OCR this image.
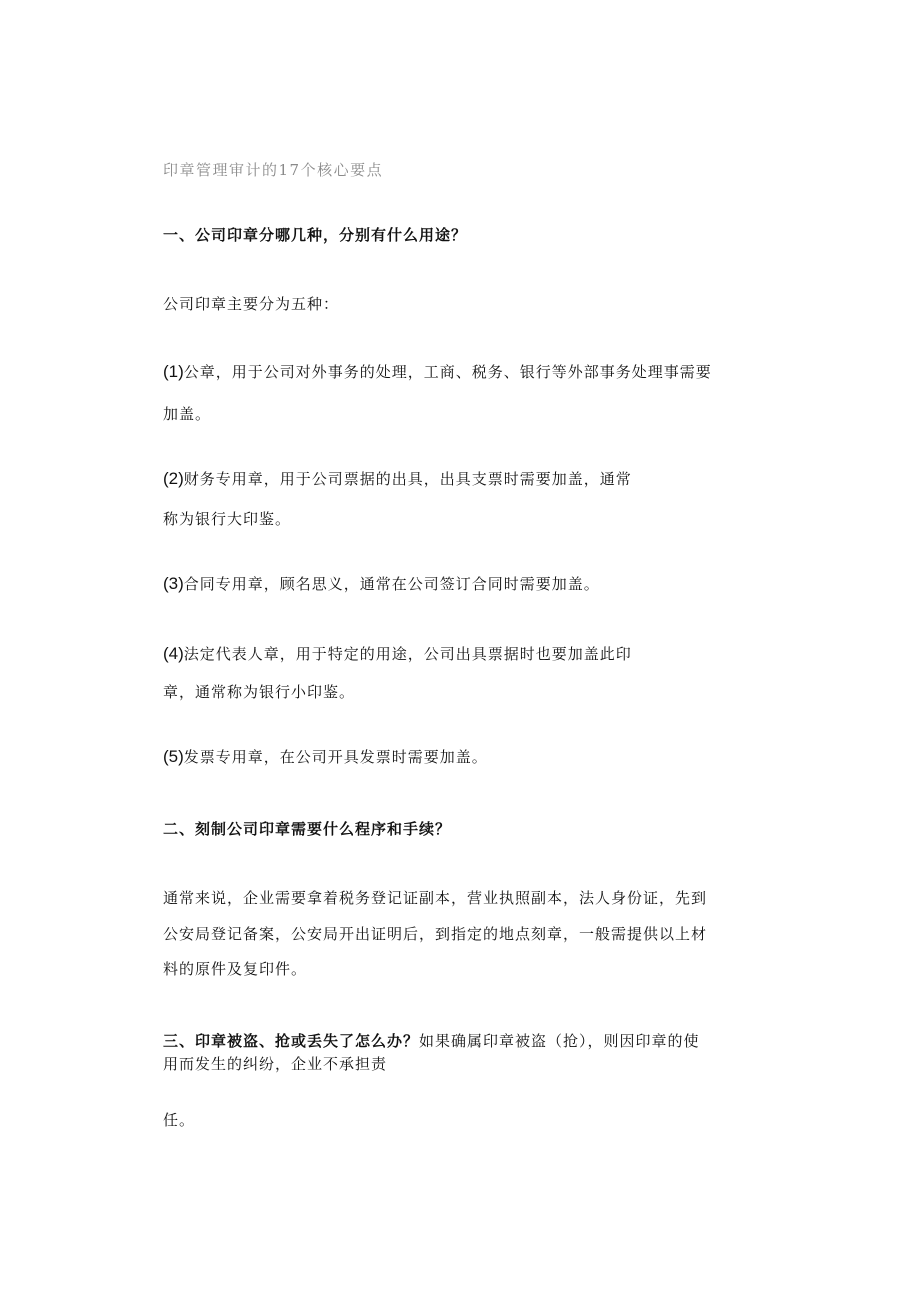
印章管理审计的17个核心要点
一、公司印章分哪几种，分别有什么用途？
公司印章主要分为五种：
(1)公章，用于公司对外事务的处理，工商、税务、银行等外部事务处理事需要
加盖。
(2)财务专用章，用于公司票据的出具，出具支票时需要加盖，通常
称为银行大印鉴。
(3)合同专用章，顾名思义，通常在公司签订合同时需要加盖。
(4)法定代表人章，用于特定的用途，公司出具票据时也要加盖此印
章，通常称为银行小印鉴。
(5)发票专用章，在公司开具发票时需要加盖。
二、刻制公司印章需要什么程序和手续？
通常来说，企业需要拿着税务登记证副本，营业执照副本，法人身份证，先到
公安局登记备案，公安局开出证明后，到指定的地点刻章，一般需提供以上材
料的原件及复印件。
三、印章被盗、抢或丢失了怎么办？如果确属印章被盗（抢），则因印章的使
用而发生的纠纷，企业不承担责
任。
